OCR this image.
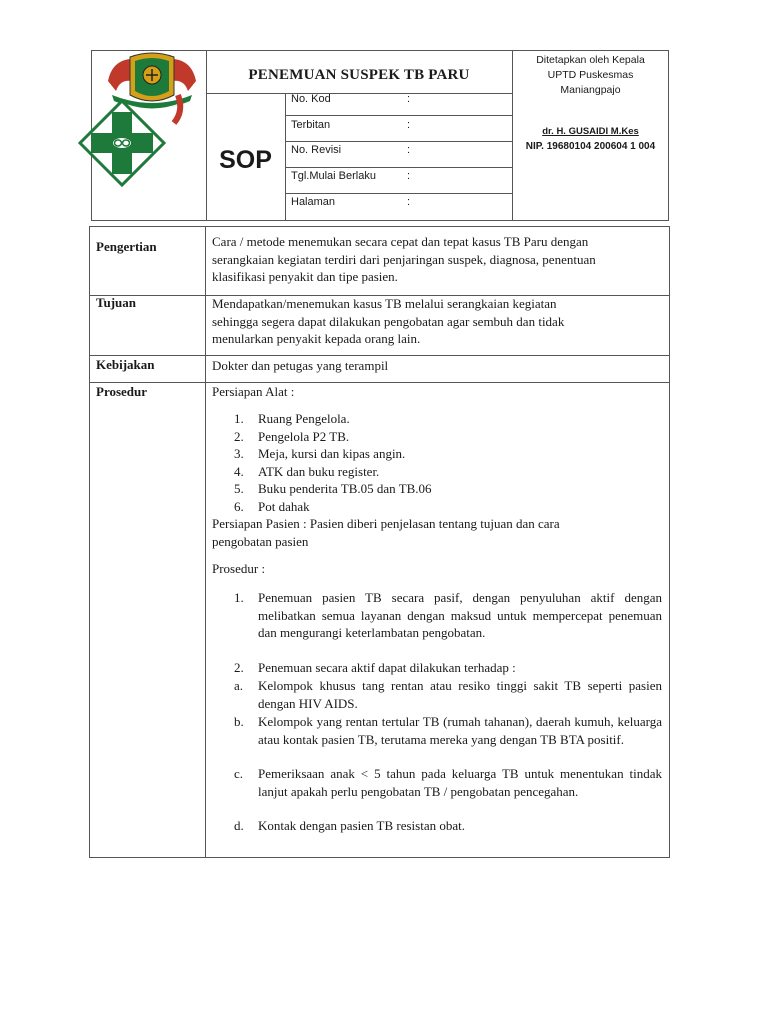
PENEMUAN SUSPEK TB PARU
SOP
No. Kod	:
Terbitan	:
No. Revisi	:
Tgl.Mulai Berlaku	:
Halaman	:
Ditetapkan oleh Kepala
UPTD Puskesmas
Maniangpajo
dr. H. GUSAIDI M.Kes
NIP. 19680104 200604 1 004
Pengertian	Cara / metode menemukan secara cepat dan tepat kasus TB Paru dengan
serangkaian kegiatan terdiri dari penjaringan suspek, diagnosa, penentuan
klasifikasi penyakit dan tipe pasien.
Tujuan	Mendapatkan/menemukan kasus TB melalui serangkaian kegiatan
sehingga segera dapat dilakukan pengobatan agar sembuh dan tidak
menularkan penyakit kepada orang lain.
Kebijakan	Dokter dan petugas yang terampil
Prosedur	Persiapan Alat :
1. Ruang Pengelola.
2. Pengelola P2 TB.
3. Meja, kursi dan kipas angin.
4. ATK dan buku register.
5. Buku penderita TB.05 dan TB.06
6. Pot dahak
Persiapan Pasien : Pasien diberi penjelasan tentang tujuan dan cara
pengobatan pasien
Prosedur :
1. Penemuan pasien TB secara pasif, dengan penyuluhan aktif dengan melibatkan semua layanan dengan maksud untuk mempercepat penemuan dan mengurangi keterlambatan pengobatan.
2. Penemuan secara aktif dapat dilakukan terhadap :
a. Kelompok khusus tang rentan atau resiko tinggi sakit TB seperti pasien dengan HIV AIDS.
b. Kelompok yang rentan tertular TB (rumah tahanan), daerah kumuh, keluarga atau kontak pasien TB, terutama mereka yang dengan TB BTA positif.
c. Pemeriksaan anak < 5 tahun pada keluarga TB untuk menentukan tindak lanjut apakah perlu pengobatan TB / pengobatan pencegahan.
d. Kontak dengan pasien TB resistan obat.
